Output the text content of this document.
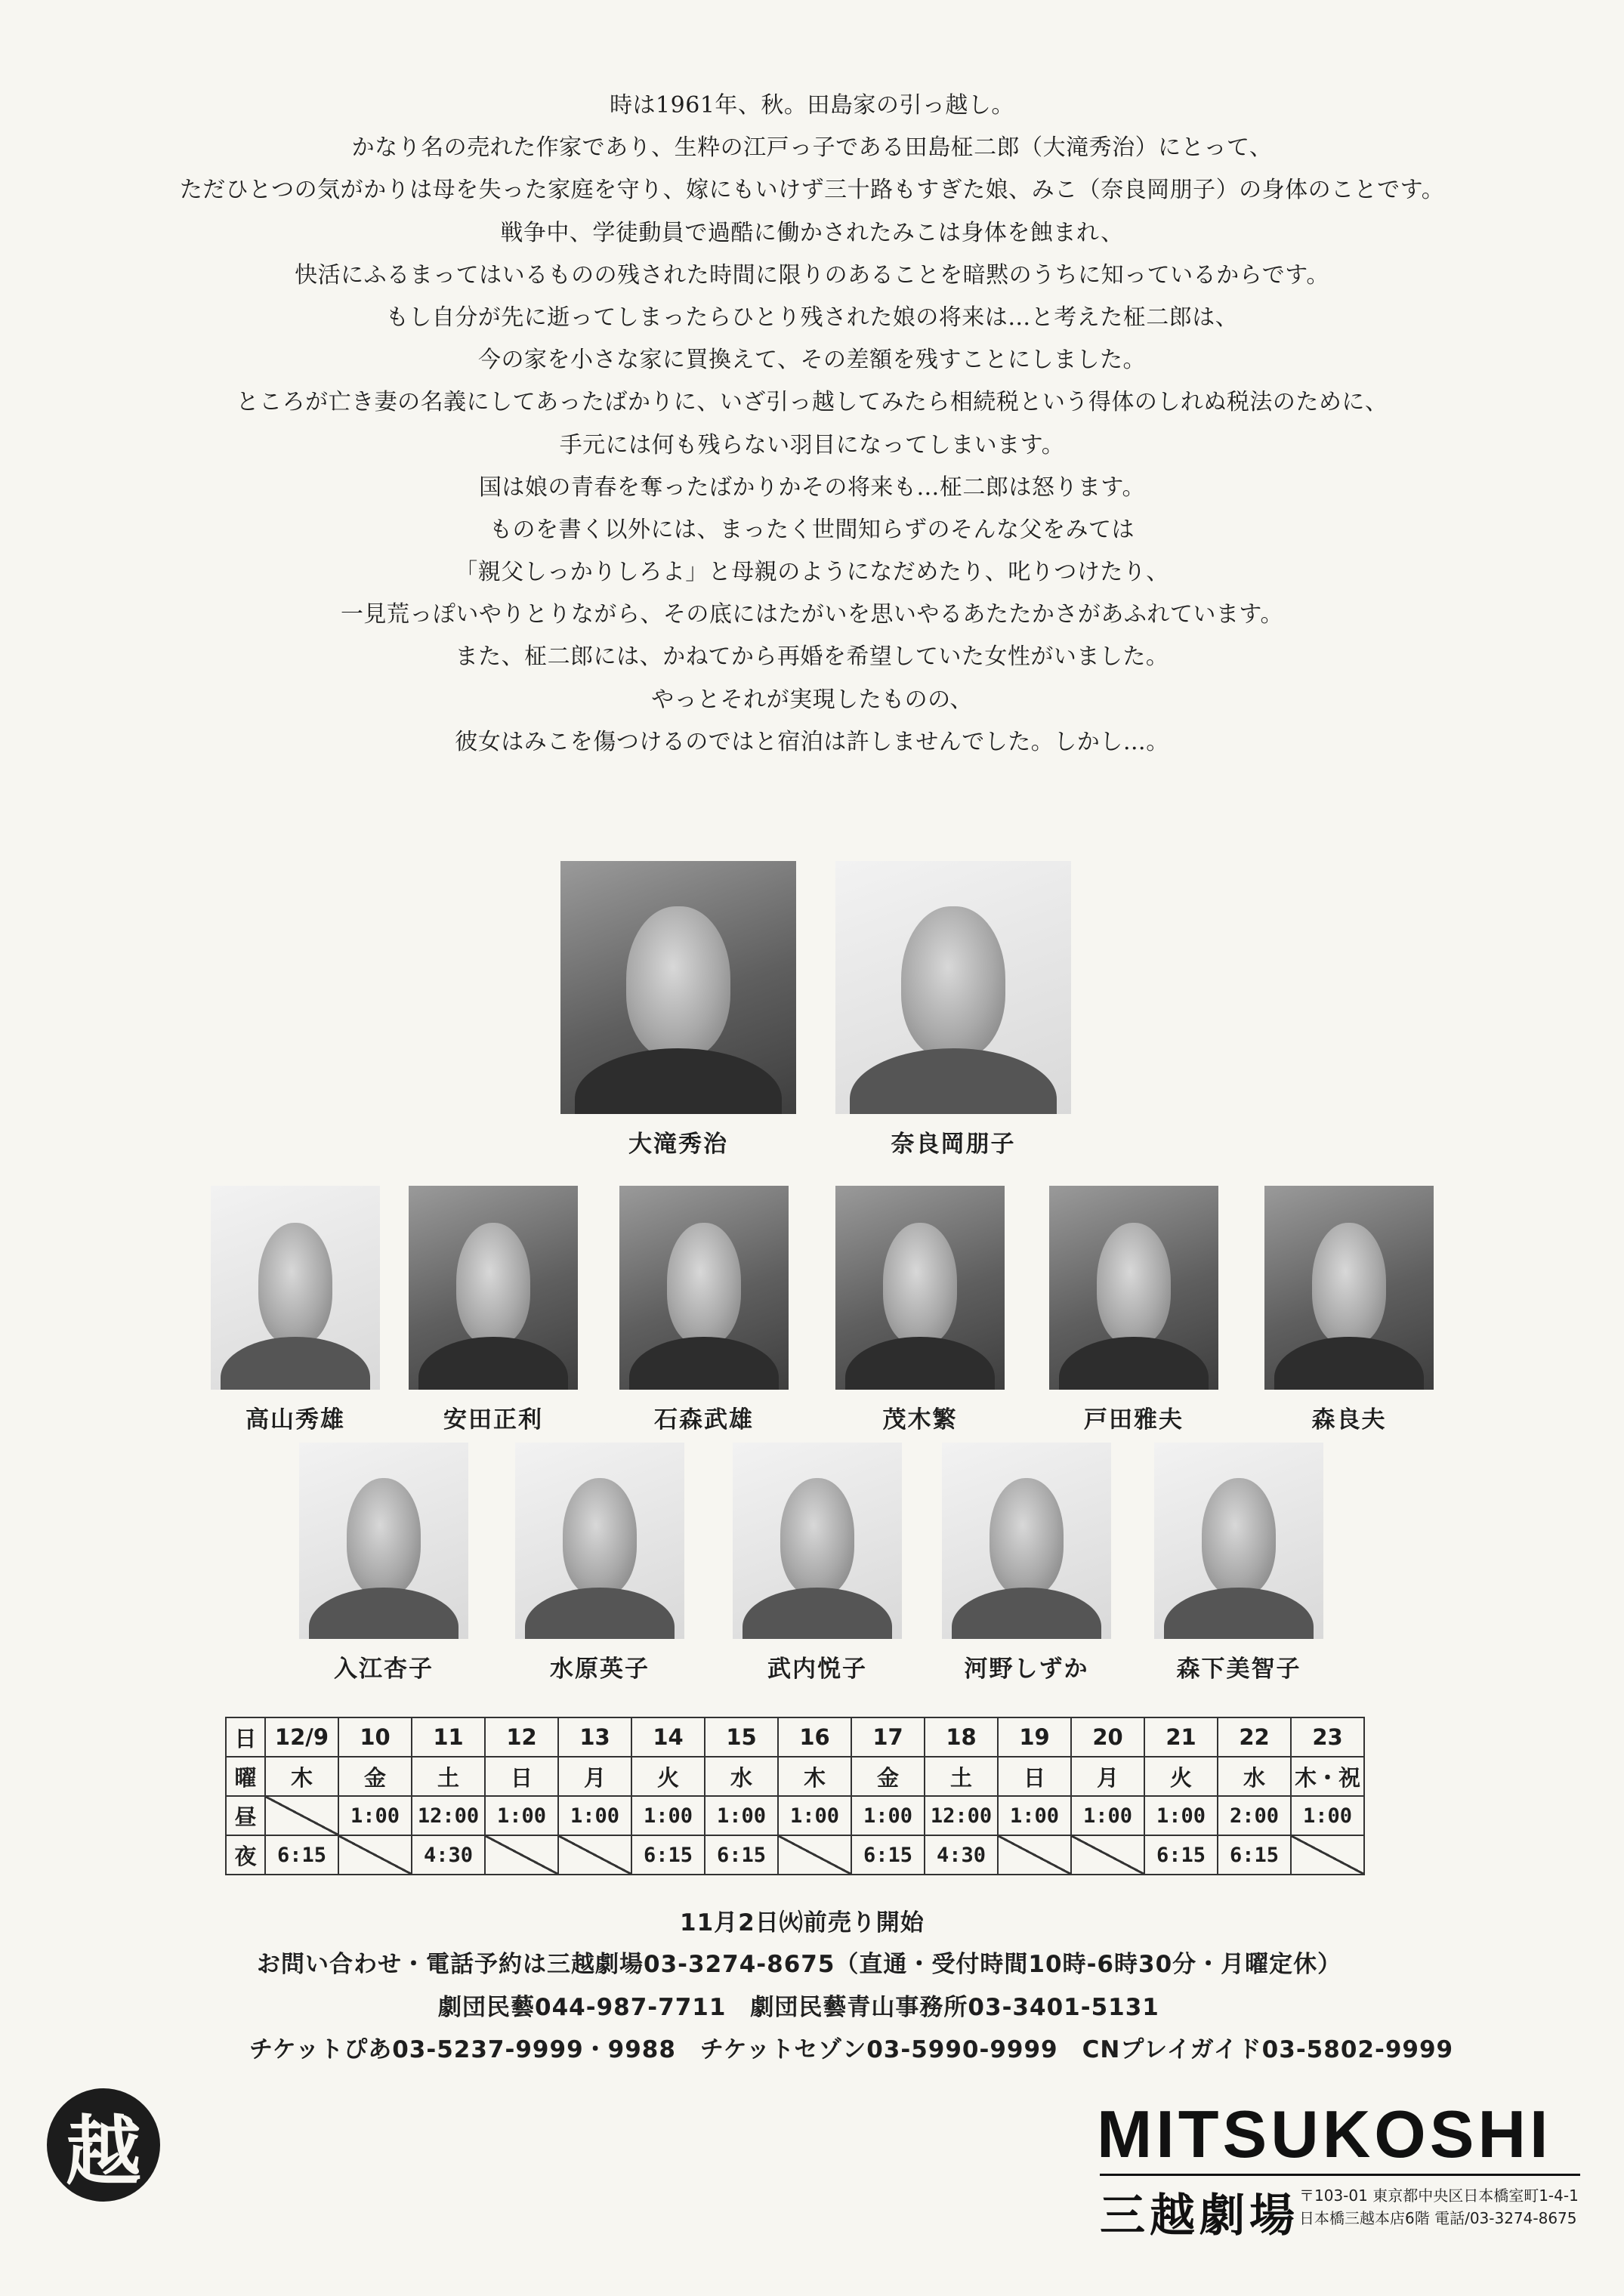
時は1961年、秋。田島家の引っ越し。
かなり名の売れた作家であり、生粋の江戸っ子である田島柾二郎（大滝秀治）にとって、
ただひとつの気がかりは母を失った家庭を守り、嫁にもいけず三十路もすぎた娘、みこ（奈良岡朋子）の身体のことです。
戦争中、学徒動員で過酷に働かされたみこは身体を蝕まれ、
快活にふるまってはいるものの残された時間に限りのあることを暗黙のうちに知っているからです。
もし自分が先に逝ってしまったらひとり残された娘の将来は…と考えた柾二郎は、
今の家を小さな家に買換えて、その差額を残すことにしました。
ところが亡き妻の名義にしてあったばかりに、いざ引っ越してみたら相続税という得体のしれぬ税法のために、
手元には何も残らない羽目になってしまいます。
国は娘の青春を奪ったばかりかその将来も…柾二郎は怒ります。
ものを書く以外には、まったく世間知らずのそんな父をみては
「親父しっかりしろよ」と母親のようになだめたり、叱りつけたり、
一見荒っぽいやりとりながら、その底にはたがいを思いやるあたたかさがあふれています。
また、柾二郎には、かねてから再婚を希望していた女性がいました。
やっとそれが実現したものの、
彼女はみこを傷つけるのではと宿泊は許しませんでした。しかし…。
大滝秀治	奈良岡朋子
高山秀雄	安田正利	石森武雄	茂木繁	戸田雅夫	森良夫
入江杏子	水原英子	武内悦子	河野しずか	森下美智子
日	12/9	10	11	12	13	14	15	16	17	18	19	20	21	22	23
曜	木	金	土	日	月	火	水	木	金	土	日	月	火	水	木・祝
昼		1:00	12:00	1:00	1:00	1:00	1:00	1:00	1:00	12:00	1:00	1:00	1:00	2:00	1:00
夜	6:15		4:30			6:15	6:15		6:15	4:30			6:15	6:15	
11月2日㈫前売り開始
お問い合わせ・電話予約は三越劇場03-3274-8675（直通・受付時間10時-6時30分・月曜定休）
劇団民藝044-987-7711　劇団民藝青山事務所03-3401-5131
チケットぴあ03-5237-9999・9988　チケットセゾン03-5990-9999　CNプレイガイド03-5802-9999
越	MITSUKOSHI
三越劇場 〒103-01 東京都中央区日本橋室町1-4-1
日本橋三越本店6階 電話/03-3274-8675
